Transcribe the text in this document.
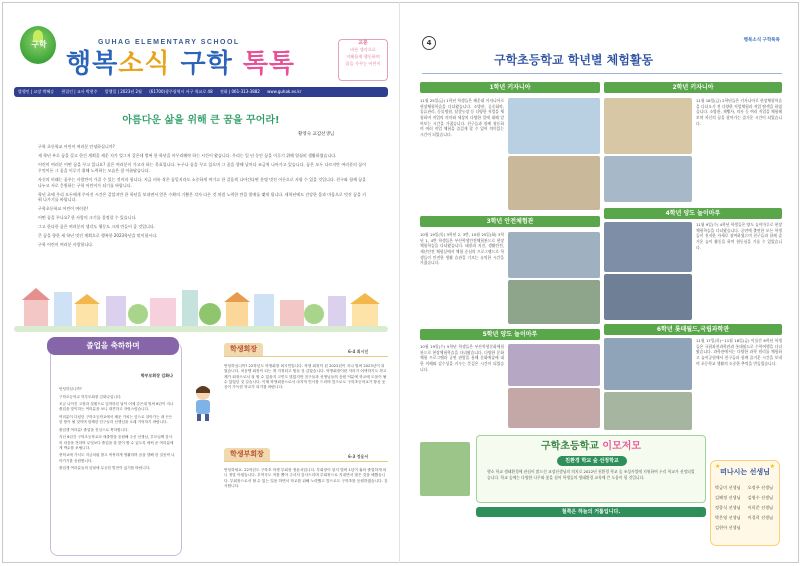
구학	GUHAG ELEMENTARY SCHOOL
행복소식 구학 톡톡
교훈
바른 생각으로
지혜롭게 행동하며
꿈을 가꾸는 어린이
발행인 | 교장 박혜승 편집인 | 교사 박현주 발행일 | 2023년 2월 (61700)광주광역시 서구 학교로 48 전화 | 061-313-3882 www.guhak.es.kr
아름다운 삶을 위해 큰 꿈을 꾸어라!
황영숙 교감선생님

구학 초등학교 어린이 여러분 안녕하십니까?

새 학년 부로 꿈을 갖고 한건 계획을 세운 지가 엊그저 같은데 벌써 한 학년을 마무리해야 하는 시간이 왔습니다. 우리는 일 년 동안 꿈을 이루기 위해 열심히 생활하였습니다.

어린이 여러분 어떤 꿈을 꾸고 있나요? 꿈은 여러분이 가고자 하는 목표입니다. 누구나 꿈을 꾸고 있으며 그 꿈을 향해 날마다 조금씩 나아가고 있습니다. 꿈은 모두 다르지만 여러분의 꿈이 무엇이든 그 꿈을 이루기 위해 노력하는 모습은 참 아름답습니다.

자신의 미래는 꿈꾸는 사람만이 가질 수 있는 것이라 합니다. 지금 비록 작은 꿈일지라도 소중하게 여기고 한 걸음씩 나아간다면 분명 멋진 어른으로 자랄 수 있을 것입니다. 친구와 함께 꿈을 나누고 서로 응원하는 구학 어린이가 되기를 바랍니다.

학년 초에 우리 모두에게 주어진 시간은 같았지만 한 학년을 보내면서 얻은 수확의 기쁨은 각자 다른 것 처럼 노력한 만큼 열매를 맺게 됩니다. 새학년에도 건강한 몸과 마음으로 멋진 꿈을 키워 나가기를 바랍니다.

구학초등학교 어린이 여러분!

어떤 꿈을 꾸나요? 한 사람의 크기를 결정할 수 있습니다.

그고 한다한 꿈은 여러분의 생각도 행동도 크게 만들어 줄 것입니다.

큰 꿈을 향한 새 학년 멋진 계획으로 행복한 2023학년을 맞이합시다.

구학 어린이 여러분 사랑합니다.

졸업을 축하하며
학부모회장 김화나

안녕하십니까?

구학초등학교 학부모회장 김화나입니다.

조금 나이진 고장과 설렘으로 입학하던 날이 어제 같은데 벌써 6년이 지나 졸업을 맞이하는 여러분을 보니 대견하고 자랑스럽습니다.

여러분이 다녔던 구학초등학교에서 배운 가치는 앞으로 살아가는 데 든든한 힘이 될 것이며 함께한 친구들과 선생님을 오래 기억하기 바랍니다.

졸업생 여러분! 졸업을 진심으로 축하합니다.

지난 6년간 구학초등학교의 새출발을 응원해 주신 선생님, 부모님께 감사의 마음을 전하며 무엇보다 졸업을 잘 맞이 할 수 있도록 애써 준 여러분에게 박수를 보냅니다.

중학교에 가서도 지금처럼 밝고 씩씩하게 생활하며 꿈을 향해 한 걸음씩 나아가기를 응원합니다.

졸업생 여러분들의 앞날에 무궁한 발전이 있기를 바랍니다.

학생회장	6-4 최시인
안녕하십니까? 22학년도 학생회장 최시인입니다. 학생 회장이 된 2022년이 지나 벌써 2023년이 되었습니다. 처음엔 회장이 되는 게 걱정되고 힘들 것 같았습니다. 학생회장이란 자리가 어색하기도 하고 제가 회장으로서 잘 할 수 있을지 고민도 많았지만 친구들과 선생님들의 응원 덕분에 학교에 도움이 될 수 있었던 것 같습니다. 이제 학생회장으로서 마지막 인사를 드리며 앞으로도 구학초등학교가 항상 웃음이 가득한 학교가 되기를 바랍니다.
학생부회장	6-3 정윤서
안녕하세요. 22학년도 구학초 학생 부회장 정윤서입니다. 부회장이 된지 벌써 1년이 흘러 졸업하게 되니 정말 아쉽습니다. 우여곡도 저를 뽑아 주셔서 감사드리며 부회장으로 지내면서 많은 것을 배웠습니다. 부회장으로서 할 수 있는 일을 하면서 학교를 위해 노력했고 앞으로도 구학초를 응원하겠습니다. 감사합니다.
4	행복소식 구학톡톡
구학초등학교 학년별 체험활동
1학년 키자니아
11월 25일(금) 1학년 학생들은 해운대 키자니아로 현장체험학습을 다녀왔습니다. 소방관, 공중화약, 물류관리, 동물병원, 달걀농장 등 다양한 직업을 체험하며 직업의 의미와 세상의 다양한 일에 대해 알아보는 시간을 가졌습니다. 친구들과 함께 협동하며 여러 직업 체험을 즐겁게 할 수 있어 의미있는 시간이 되었습니다.
2학년 키자니아
11월 18일(금) 2학년들은 키자니아로 현장체험학습을 다녀오기 전 다양한 직업체험과 직업 탐색을 하였습니다. 소방관, 제빵사, 의사 등 여러 직업을 체험해 보며 자신의 꿈을 찾아가는 즐거운 시간이 되었습니다.
3학년 안전체험관
10월 19일(목) 3학년 2, 3반, 10월 25일(화) 3학년 1, 4반 학생들은 부산학생안전체험관으로 현장체험학습을 다녀왔습니다. 태풍과 지진, 생활안전, 재난안전 체험실에서 체험 중심의 프로그램으로 학생들이 안전한 생활 습관을 기르는 유익한 시간을 가졌습니다.
4학년 양도 놀이마루
11월 9일(수) 4학년 학생들은 양도 놀이마루로 현장체험학습을 다녀왔습니다. 공연에 출연한 모든 학생들이 진지한 자세로 참여하였으며 친구들과 함께 즐거운 놀이 활동을 하며 협동심을 기를 수 있었습니다.
5학년 양도 놀이마루
10월 19일(수) 5학년 학생들은 부산학생문화체험관으로 현장체험학습을 다녀왔습니다. 다양한 문화 체험 프로그램과 공연 관람을 통해 문화예술에 대한 이해와 감수성을 키우는 뜻깊은 시간이 되었습니다.
6학년 롯데월드,국립과학관
11월 17일(목)~11월 18일(금) 이틀간 6학년 학생들은 국립과천과학관과 롯데월드로 수학여행을 다녀왔습니다. 과학관에서는 다양한 과학 원리를 체험하고 놀이공원에서 친구들과 함께 즐거운 시간을 보내며 초등학교 생활의 소중한 추억을 만들었습니다.
구학초등학교 이모저모
친환경 학교 숲 선정학교
행소 학교 생태환경에 관심이 많으신 교장선생님의 의지로 2022년 친환경 학교 숲 조성사업에 지원하여 우리 학교가 선정되었습니다. 학교 숲에는 다양한 나무와 꽃을 심어 학생들의 생태환경 교육에 큰 도움이 될 것입니다.
철쭉은 하늘의 거룹입니다.
★	★
떠나시는 선생님
박금미 선생님	오정주 선생님
김혜정 선생님	김영수 선생님
정종식 선생님	이희준 선생님
박은영 선생님	이경희 선생님
김현아 선생님
